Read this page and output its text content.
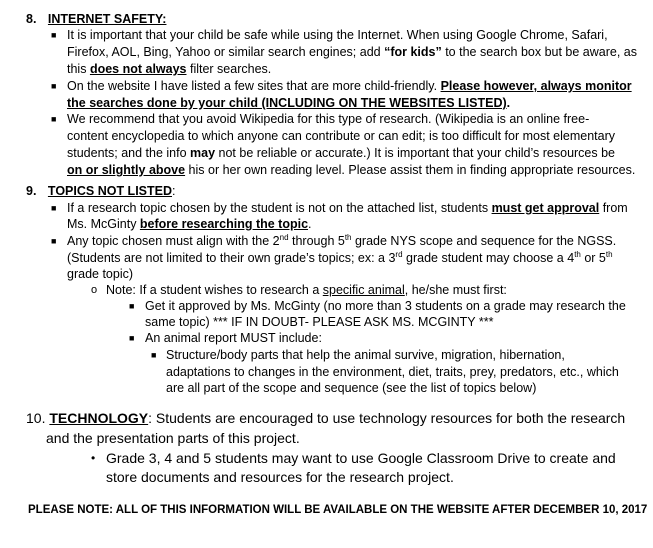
8. INTERNET SAFETY:
■ It is important that your child be safe while using the Internet. When using Google Chrome, Safari,
Firefox, AOL, Bing, Yahoo or similar search engines; add “for kids” to the search box but be aware, as
this does not always filter searches.
■ On the website I have listed a few sites that are more child-friendly. Please however, always monitor
the searches done by your child (INCLUDING ON THE WEBSITES LISTED).
■ We recommend that you avoid Wikipedia for this type of research. (Wikipedia is an online free-
content encyclopedia to which anyone can contribute or can edit; is too difficult for most elementary
students; and the info may not be reliable or accurate.) It is important that your child’s resources be
on or slightly above his or her own reading level. Please assist them in finding appropriate resources.
9. TOPICS NOT LISTED:
■ If a research topic chosen by the student is not on the attached list, students must get approval from
Ms. McGinty before researching the topic.
■ Any topic chosen must align with the 2nd through 5th grade NYS scope and sequence for the NGSS.
(Students are not limited to their own grade’s topics; ex: a 3rd grade student may choose a 4th or 5th
grade topic)
o Note: If a student wishes to research a specific animal, he/she must first:
■ Get it approved by Ms. McGinty (no more than 3 students on a grade may research the
same topic) *** IF IN DOUBT- PLEASE ASK MS. MCGINTY ***
■ An animal report MUST include:
■ Structure/body parts that help the animal survive, migration, hibernation,
adaptations to changes in the environment, diet, traits, prey, predators, etc., which
are all part of the scope and sequence (see the list of topics below)
10. TECHNOLOGY: Students are encouraged to use technology resources for both the research
and the presentation parts of this project.
• Grade 3, 4 and 5 students may want to use Google Classroom Drive to create and
store documents and resources for the research project.
PLEASE NOTE: ALL OF THIS INFORMATION WILL BE AVAILABLE ON THE WEBSITE AFTER DECEMBER 10, 2017
